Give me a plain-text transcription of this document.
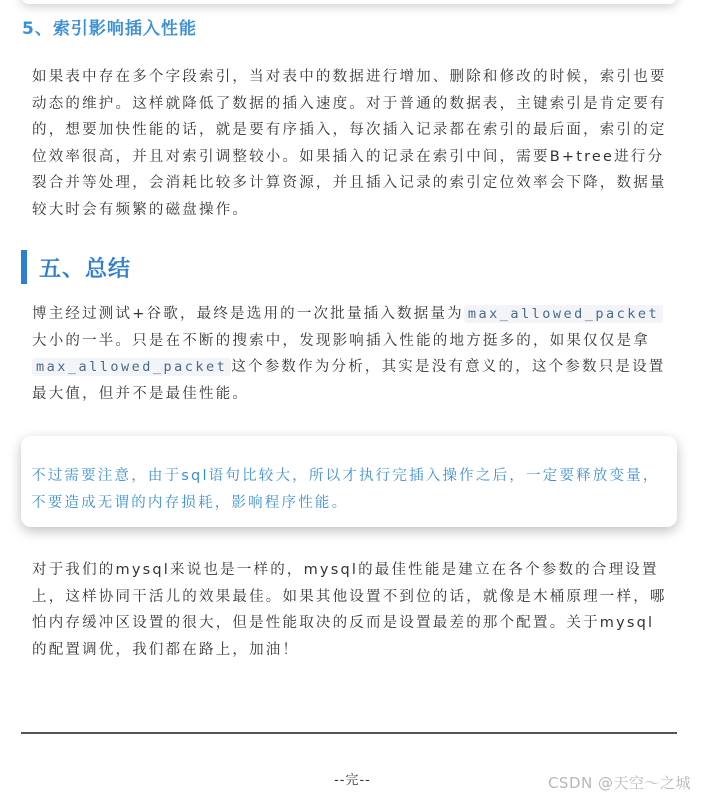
5、索引影响插入性能

如果表中存在多个字段索引，当对表中的数据进行增加、删除和修改的时候，索引也要动态的维护。这样就降低了数据的插入速度。对于普通的数据表，主键索引是肯定要有的，想要加快性能的话，就是要有序插入，每次插入记录都在索引的最后面，索引的定位效率很高，并且对索引调整较小。如果插入的记录在索引中间，需要B+tree进行分裂合并等处理，会消耗比较多计算资源，并且插入记录的索引定位效率会下降，数据量较大时会有频繁的磁盘操作。

五、总结

博主经过测试+谷歌，最终是选用的一次批量插入数据量为 max_allowed_packet大小的一半。只是在不断的搜索中，发现影响插入性能的地方挺多的，如果仅仅是拿max_allowed_packet 这个参数作为分析，其实是没有意义的，这个参数只是设置最大值，但并不是最佳性能。

不过需要注意，由于sql语句比较大，所以才执行完插入操作之后，一定要释放变量，不要造成无谓的内存损耗，影响程序性能。

对于我们的mysql来说也是一样的，mysql的最佳性能是建立在各个参数的合理设置上，这样协同干活儿的效果最佳。如果其他设置不到位的话，就像是木桶原理一样，哪怕内存缓冲区设置的很大，但是性能取决的反而是设置最差的那个配置。关于mysql的配置调优，我们都在路上，加油！

--完--	CSDN @天空～之城
